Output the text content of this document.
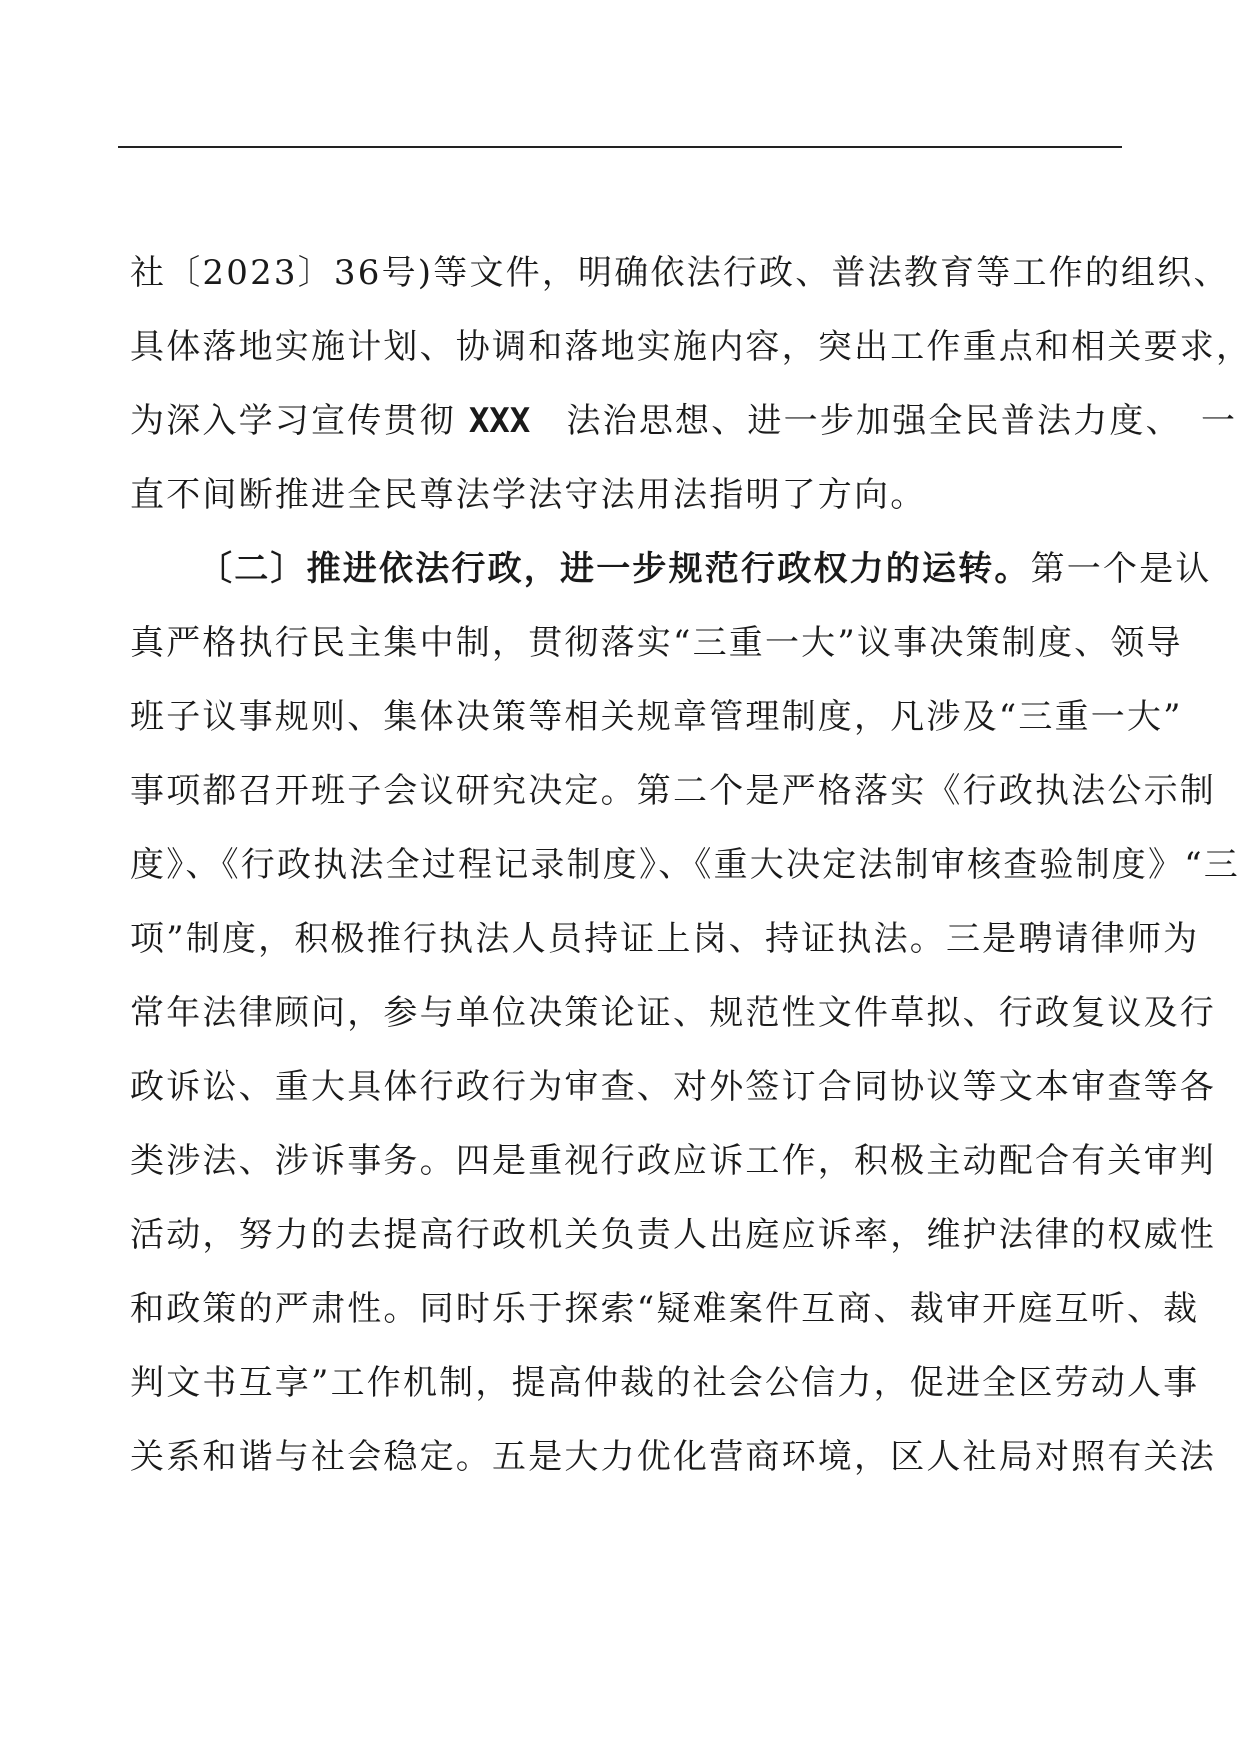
社〔2023〕36号)等文件，明确依法行政、普法教育等工作的组织、
具体落地实施计划、协调和落地实施内容，突出工作重点和相关要求，
为深入学习宣传贯彻 XXX　法治思想、进一步加强全民普法力度、　一
直不间断推进全民尊法学法守法用法指明了方向。
〔二〕推进依法行政，进一步规范行政权力的运转。第一个是认
真严格执行民主集中制，贯彻落实“三重一大”议事决策制度、领导
班子议事规则、集体决策等相关规章管理制度，凡涉及“三重一大”
事项都召开班子会议研究决定。第二个是严格落实《行政执法公示制
度》、《行政执法全过程记录制度》、《重大决定法制审核查验制度》“三
项”制度，积极推行执法人员持证上岗、持证执法。三是聘请律师为
常年法律顾问，参与单位决策论证、规范性文件草拟、行政复议及行
政诉讼、重大具体行政行为审查、对外签订合同协议等文本审查等各
类涉法、涉诉事务。四是重视行政应诉工作，积极主动配合有关审判
活动，努力的去提高行政机关负责人出庭应诉率，维护法律的权威性
和政策的严肃性。同时乐于探索“疑难案件互商、裁审开庭互听、裁
判文书互享”工作机制，提高仲裁的社会公信力，促进全区劳动人事
关系和谐与社会稳定。五是大力优化营商环境，区人社局对照有关法
